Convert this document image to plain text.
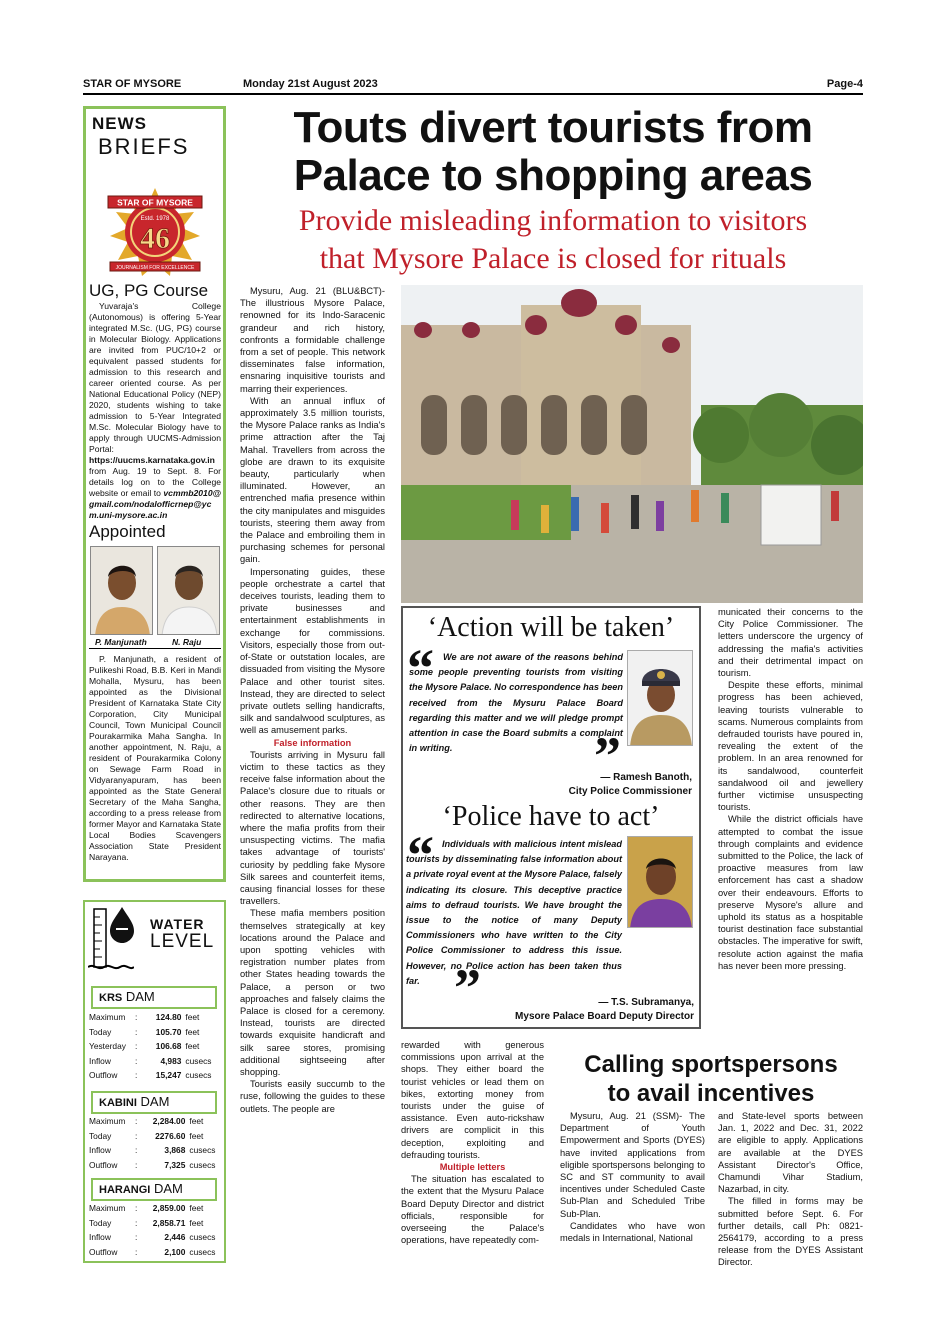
STAR OF MYSORE	Monday 21st August 2023	Page-4
NEWS
BRIEFS
STAR OF MYSORE
Estd. 1978
46
JOURNALISM FOR EXCELLENCE
UG, PG Course
Yuvaraja's College (Autonomous) is offering 5-Year integrated M.Sc. (UG, PG) course in Molecular Biology. Applications are invited from PUC/10+2 or equivalent passed students for admission to this research and career oriented course. As per National Educational Policy (NEP) 2020, students wishing to take admission to 5-Year Integrated M.Sc. Molecular Biology have to apply through UUCMS-Admission Portal: https://uucms.karnataka.gov.in from Aug. 19 to Sept. 8. For details log on to the College website or email to vcmmb2010@gmail.com/nodalofficrnep@ycm.uni-mysore.ac.in
Appointed
P. Manjunath	N. Raju
P. Manjunath, a resident of Pulikeshi Road, B.B. Keri in Mandi Mohalla, Mysuru, has been appointed as the Divisional President of Karnataka State City Corporation, City Municipal Council, Town Municipal Council Pourakarmika Maha Sangha. In another appointment, N. Raju, a resident of Pourakarmika Colony on Sewage Farm Road in Vidyaranyapuram, has been appointed as the State General Secretary of the Maha Sangha, according to a press release from former Mayor and Karnataka State Local Bodies Scavengers Association State President Narayana.
WATER
LEVEL
KRS DAM
Maximum	:	124.80	feet
Today	:	105.70	feet
Yesterday	:	106.68	feet
Inflow	:	4,983	cusecs
Outflow	:	15,247	cusecs
KABINI DAM
Maximum	:	2,284.00	feet
Today	:	2276.60	feet
Inflow	:	3,868	cusecs
Outflow	:	7,325	cusecs
HARANGI DAM
Maximum	:	2,859.00	feet
Today	:	2,858.71	feet
Inflow	:	2,446	cusecs
Outflow	:	2,100	cusecs
Touts divert tourists from
Palace to shopping areas
Provide misleading information to visitors
that Mysore Palace is closed for rituals

Mysuru, Aug. 21 (BLU&BCT)- The illustrious Mysore Palace, renowned for its Indo-Saracenic grandeur and rich history, confronts a formidable challenge from a set of people. This network disseminates false information, ensnaring inquisitive tourists and marring their experiences.

With an annual influx of approximately 3.5 million tourists, the Mysore Palace ranks as India's prime attraction after the Taj Mahal. Travellers from across the globe are drawn to its exquisite beauty, particularly when illuminated. However, an entrenched mafia presence within the city manipulates and misguides tourists, steering them away from the Palace and embroiling them in purchasing schemes for personal gain.

Impersonating guides, these people orchestrate a cartel that deceives tourists, leading them to private businesses and entertainment establishments in exchange for commissions. Visitors, especially those from out-of-State or outstation locales, are dissuaded from visiting the Mysore Palace and other tourist sites. Instead, they are directed to select private outlets selling handicrafts, silk and sandalwood sculptures, as well as amusement parks.

False information

Tourists arriving in Mysuru fall victim to these tactics as they receive false information about the Palace's closure due to rituals or other reasons. They are then redirected to alternative locations, where the mafia profits from their unsuspecting victims. The mafia takes advantage of tourists' curiosity by peddling fake Mysore Silk sarees and counterfeit items, causing financial losses for these travellers.

These mafia members position themselves strategically at key locations around the Palace and upon spotting vehicles with registration number plates from other States heading towards the Palace, a person or two approaches and falsely claims the Palace is closed for a ceremony. Instead, tourists are directed towards exquisite handicraft and silk saree stores, promising additional sightseeing after shopping.

Tourists easily succumb to the ruse, following the guides to these outlets. The people are

rewarded with generous commissions upon arrival at the shops. They either board the tourist vehicles or lead them on bikes, extorting money from tourists under the guise of assistance. Even auto-rickshaw drivers are complicit in this deception, exploiting and defrauding tourists.

Multiple letters

The situation has escalated to the extent that the Mysuru Palace Board Deputy Director and district officials, responsible for overseeing the Palace's operations, have repeatedly com-

municated their concerns to the City Police Commissioner. The letters underscore the urgency of addressing the mafia's activities and their detrimental impact on tourism.

Despite these efforts, minimal progress has been achieved, leaving tourists vulnerable to scams. Numerous complaints from defrauded tourists have poured in, revealing the extent of the problem. In an area renowned for its sandalwood, counterfeit sandalwood oil and jewellery further victimise unsuspecting tourists.

While the district officials have attempted to combat the issue through complaints and evidence submitted to the Police, the lack of proactive measures from law enforcement has cast a shadow over their endeavours. Efforts to preserve Mysore's allure and uphold its status as a hospitable tourist destination face substantial obstacles. The imperative for swift, resolute action against the mafia has never been more pressing.

‘Action will be taken’
“ We are not aware of the reasons behind some people preventing tourists from visiting the Mysore Palace. No correspondence has been received from the Mysuru Palace Board regarding this matter and we will pledge prompt attention in case the Board submits a complaint in writing.	”
— Ramesh Banoth,
City Police Commissioner
‘Police have to act’
“ Individuals with malicious intent mislead tourists by disseminating false information about a private royal event at the Mysore Palace, falsely indicating its closure. This deceptive practice aims to defraud tourists. We have brought the issue to the notice of many Deputy Commissioners who have written to the City Police Commissioner to address this issue. However, no Police action has been taken thus far. ”	— T.S. Subramanya,
Mysore Palace Board Deputy Director
Calling sportspersons
to avail incentives

Mysuru, Aug. 21 (SSM)- The Department of Youth Empowerment and Sports (DYES) have invited applications from eligible sportspersons belonging to SC and ST community to avail incentives under Scheduled Caste Sub-Plan and Scheduled Tribe Sub-Plan.

Candidates who have won medals in International, National

and State-level sports between Jan. 1, 2022 and Dec. 31, 2022 are eligible to apply. Applications are available at the DYES Assistant Director's Office, Chamundi Vihar Stadium, Nazarbad, in city.

The filled in forms may be submitted before Sept. 6. For further details, call Ph: 0821-2564179, according to a press release from the DYES Assistant Director.
